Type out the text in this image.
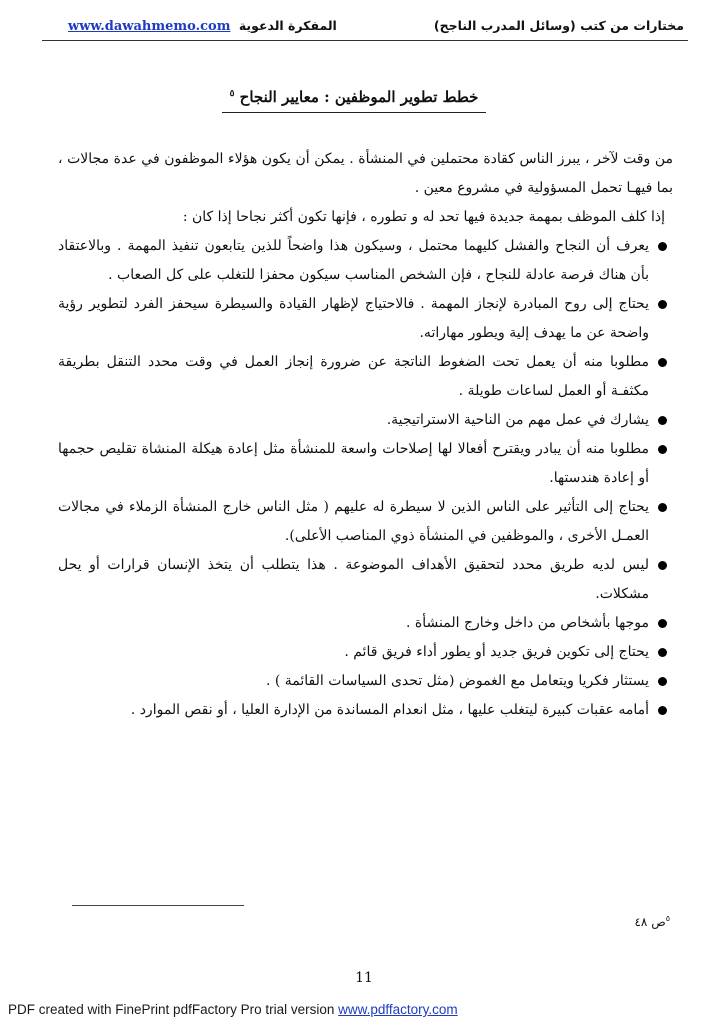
مختارات من كتب (وسائل المدرب الناجح)
www.dawahmemo.com المفكرة الدعوية
خطط تطوير الموظفين : معايير النجاح $^٥$

من وقت لآخر ، يبرز الناس كقادة محتملين في المنشأة . يمكن أن يكون هؤلاء الموظفون في عدة مجالات ، بما فيهـا تحمل المسؤولية في مشروع معين .

إذا كلف الموظف بمهمة جديدة فيها تحد له و تطوره ، فإنها تكون أكثر نجاحا إذا كان :

يعرف أن النجاح والفشل كليهما محتمل ، وسيكون هذا واضحاً للذين يتابعون تنفيذ المهمة . وبالاعتقاد بأن هناك فرصة عادلة للنجاح ، فإن الشخص المناسب سيكون محفزا للتغلب على كل الصعاب .
يحتاج إلى روح المبادرة لإنجاز المهمة . فالاحتياج لإظهار القيادة والسيطرة سيحفز الفرد لتطوير رؤية واضحة عن ما يهدف إلية ويطور مهاراته.
مطلوبا منه أن يعمل تحت الضغوط الناتجة عن ضرورة إنجاز العمل في وقت محدد التنقل بطريقة مكثفـة أو العمل لساعات طويلة .
يشارك في عمل مهم من الناحية الاستراتيجية.
مطلوبا منه أن يبادر ويقترح أفعالا لها إصلاحات واسعة للمنشأة مثل إعادة هيكلة المنشاة تقليص حجمها أو إعادة هندستها.
يحتاج إلى التأثير على الناس الذين لا سيطرة له عليهم ( مثل الناس خارج المنشأة الزملاء في مجالات العمـل الأخرى ، والموظفين في المنشأة ذوي المناصب الأعلى).
ليس لديه طريق محدد لتحقيق الأهداف الموضوعة . هذا يتطلب أن يتخذ الإنسان قرارات أو يحل مشكلات.
موجها بأشخاص من داخل وخارج المنشأة .
يحتاج إلى تكوين فريق جديد أو يطور أداء فريق قائم .
يستثار فكريا ويتعامل مع الغموض (مثل تحدى السياسات القائمة ) .
أمامه عقبات كبيرة ليتغلب عليها ، مثل انعدام المساندة من الإدارة العليا ، أو نقص الموارد .
$^٥$ص ٤٨
11
PDF created with FinePrint pdfFactory Pro trial version www.pdffactory.com
